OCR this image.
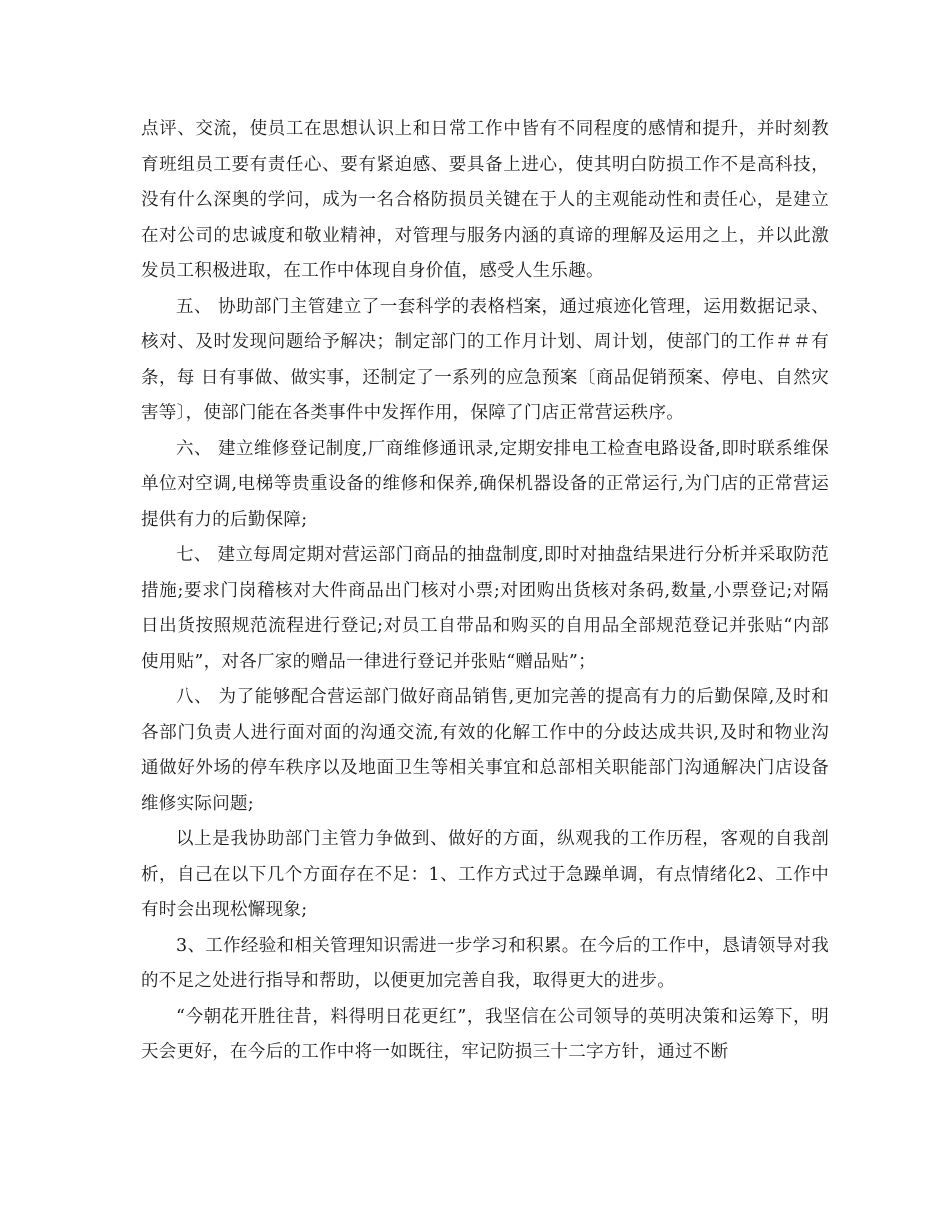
点评、交流，使员工在思想认识上和日常工作中皆有不同程度的感情和提升，并时刻教育班组员工要有责任心、要有紧迫感、要具备上进心，使其明白防损工作不是高科技，没有什么深奥的学问，成为一名合格防损员关键在于人的主观能动性和责任心，是建立在对公司的忠诚度和敬业精神，对管理与服务内涵的真谛的理解及运用之上，并以此激发员工积极进取，在工作中体现自身价值，感受人生乐趣。

五、 协助部门主管建立了一套科学的表格档案，通过痕迹化管理，运用数据记录、核对、及时发现问题给予解决；制定部门的工作月计划、周计划，使部门的工作＃＃有条，每 日有事做、做实事，还制定了一系列的应急预案〔商品促销预案、停电、自然灾害等〕，使部门能在各类事件中发挥作用，保障了门店正常营运秩序。

六、 建立维修登记制度,厂商维修通讯录,定期安排电工检查电路设备,即时联系维保单位对空调,电梯等贵重设备的维修和保养,确保机器设备的正常运行,为门店的正常营运提供有力的后勤保障;

七、 建立每周定期对营运部门商品的抽盘制度,即时对抽盘结果进行分析并采取防范措施;要求门岗稽核对大件商品出门核对小票;对团购出货核对条码,数量,小票登记;对隔日出货按照规范流程进行登记;对员工自带品和购买的自用品全部规范登记并张贴“内部使用贴”，对各厂家的赠品一律进行登记并张贴“赠品贴”；

八、 为了能够配合营运部门做好商品销售,更加完善的提高有力的后勤保障,及时和各部门负责人进行面对面的沟通交流,有效的化解工作中的分歧达成共识,及时和物业沟通做好外场的停车秩序以及地面卫生等相关事宜和总部相关职能部门沟通解决门店设备维修实际问题;

以上是我协助部门主管力争做到、做好的方面，纵观我的工作历程，客观的自我剖析，自己在以下几个方面存在不足：1、工作方式过于急躁单调，有点情绪化2、工作中有时会出现松懈现象;

3、工作经验和相关管理知识需进一步学习和积累。在今后的工作中，恳请领导对我的不足之处进行指导和帮助，以便更加完善自我，取得更大的进步。

“今朝花开胜往昔，料得明日花更红”，我坚信在公司领导的英明决策和运筹下，明天会更好，在今后的工作中将一如既往，牢记防损三十二字方针，通过不断
